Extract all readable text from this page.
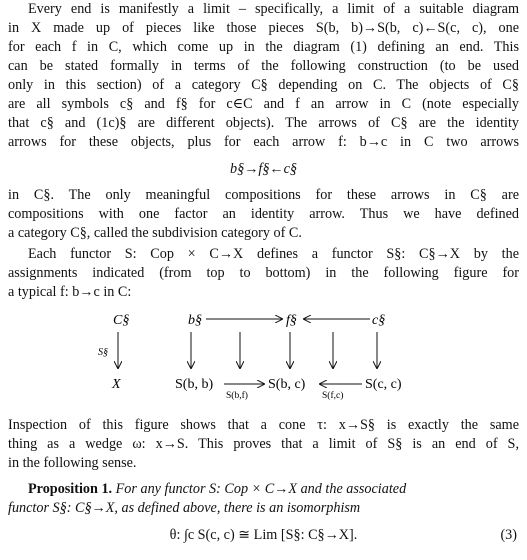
Every end is manifestly a limit – specifically, a limit of a suitable diagram
in X made up of pieces like those pieces S(b, b)→S(b, c)←S(c, c), one
for each f in C, which come up in the diagram (1) defining an end. This
can be stated formally in terms of the following construction (to be used
only in this section) of a category C§ depending on C. The objects of C§
are all symbols c§ and f§ for c∈C and f an arrow in C (note especially
that c§ and (1c)§ are different objects). The arrows of C§ are the identity
arrows for these objects, plus for each arrow f: b→c in C two arrows
b§→f§←c§
in C§. The only meaningful compositions for these arrows in C§ are
compositions with one factor an identity arrow. Thus we have defined
a category C§, called the subdivision category of C.
Each functor S: Cop × C→X defines a functor S§: C§→X by the
assignments indicated (from top to bottom) in the following figure for
a typical f: b→c in C:
C§
S§
X
b§	f§	c§
S(b, b)	S(b, c)	S(c, c)
S(b,f)	S(f,c)
Inspection of this figure shows that a cone τ: x→S§ is exactly the same
thing as a wedge ω: x→S. This proves that a limit of S§ is an end of S,
in the following sense.
Proposition 1. For any functor S: Cop × C→X and the associated
functor S§: C§→X, as defined above, there is an isomorphism
θ: ∫c S(c, c) ≅ Lim [S§: C§→X].	(3)
